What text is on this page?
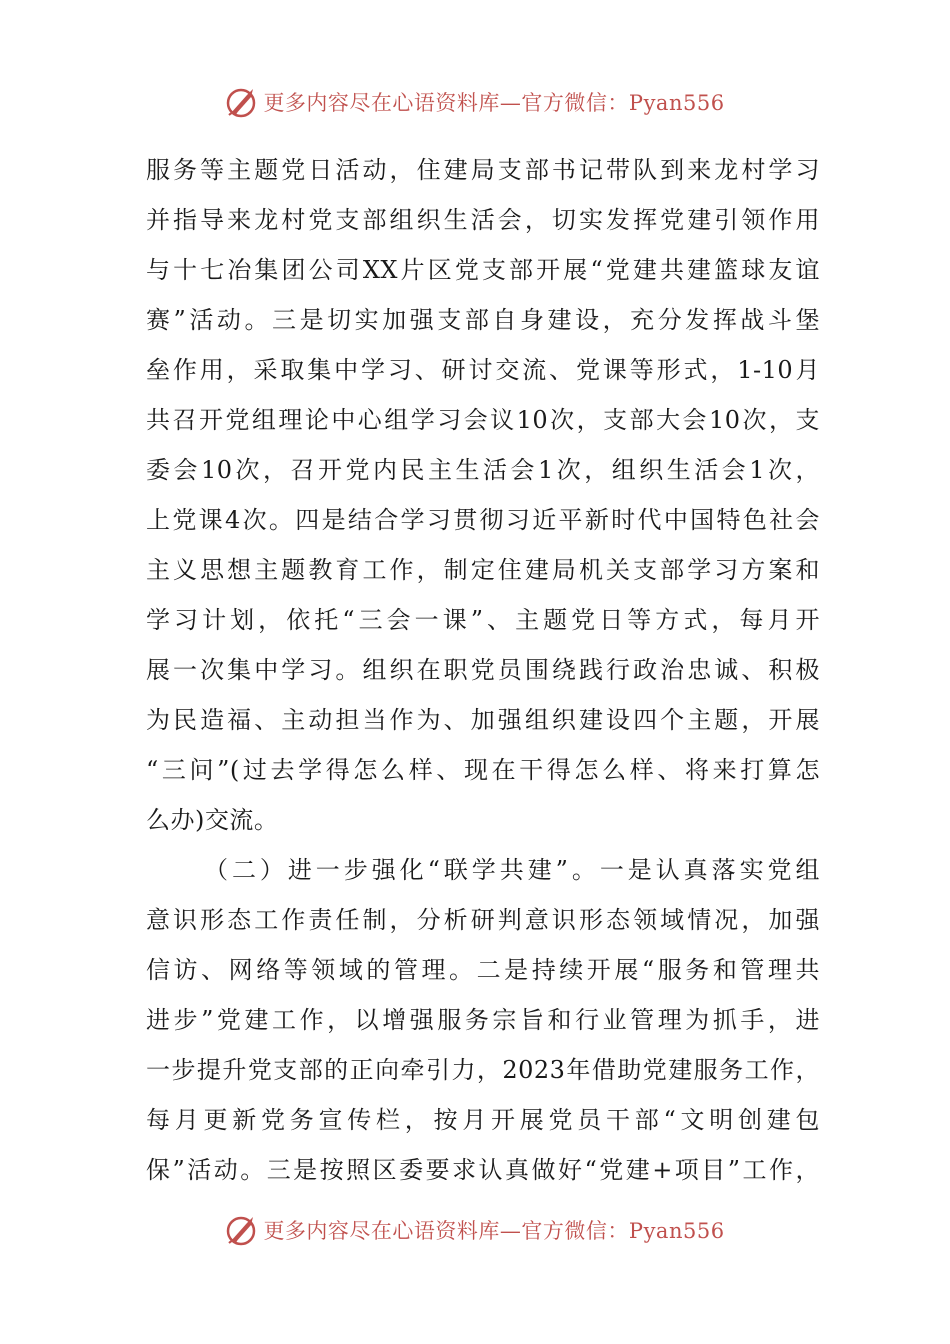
更多内容尽在心语资料库—官方微信：Pyan556
服务等主题党日活动，住建局支部书记带队到来龙村学习
并指导来龙村党支部组织生活会，切实发挥党建引领作用
与十七冶集团公司XX片区党支部开展“党建共建篮球友谊
赛”活动。三是切实加强支部自身建设，充分发挥战斗堡
垒作用，采取集中学习、研讨交流、党课等形式，1-10月
共召开党组理论中心组学习会议10次，支部大会10次，支
委会10次，召开党内民主生活会1次，组织生活会1次，
上党课4次。四是结合学习贯彻习近平新时代中国特色社会
主义思想主题教育工作，制定住建局机关支部学习方案和
学习计划，依托“三会一课”、主题党日等方式，每月开
展一次集中学习。组织在职党员围绕践行政治忠诚、积极
为民造福、主动担当作为、加强组织建设四个主题，开展
“三问”(过去学得怎么样、现在干得怎么样、将来打算怎
么办)交流。
（二）进一步强化“联学共建”。一是认真落实党组
意识形态工作责任制，分析研判意识形态领域情况，加强
信访、网络等领域的管理。二是持续开展“服务和管理共
进步”党建工作，以增强服务宗旨和行业管理为抓手，进
一步提升党支部的正向牵引力，2023年借助党建服务工作，
每月更新党务宣传栏，按月开展党员干部“文明创建包
保”活动。三是按照区委要求认真做好“党建+项目”工作，
更多内容尽在心语资料库—官方微信：Pyan556
